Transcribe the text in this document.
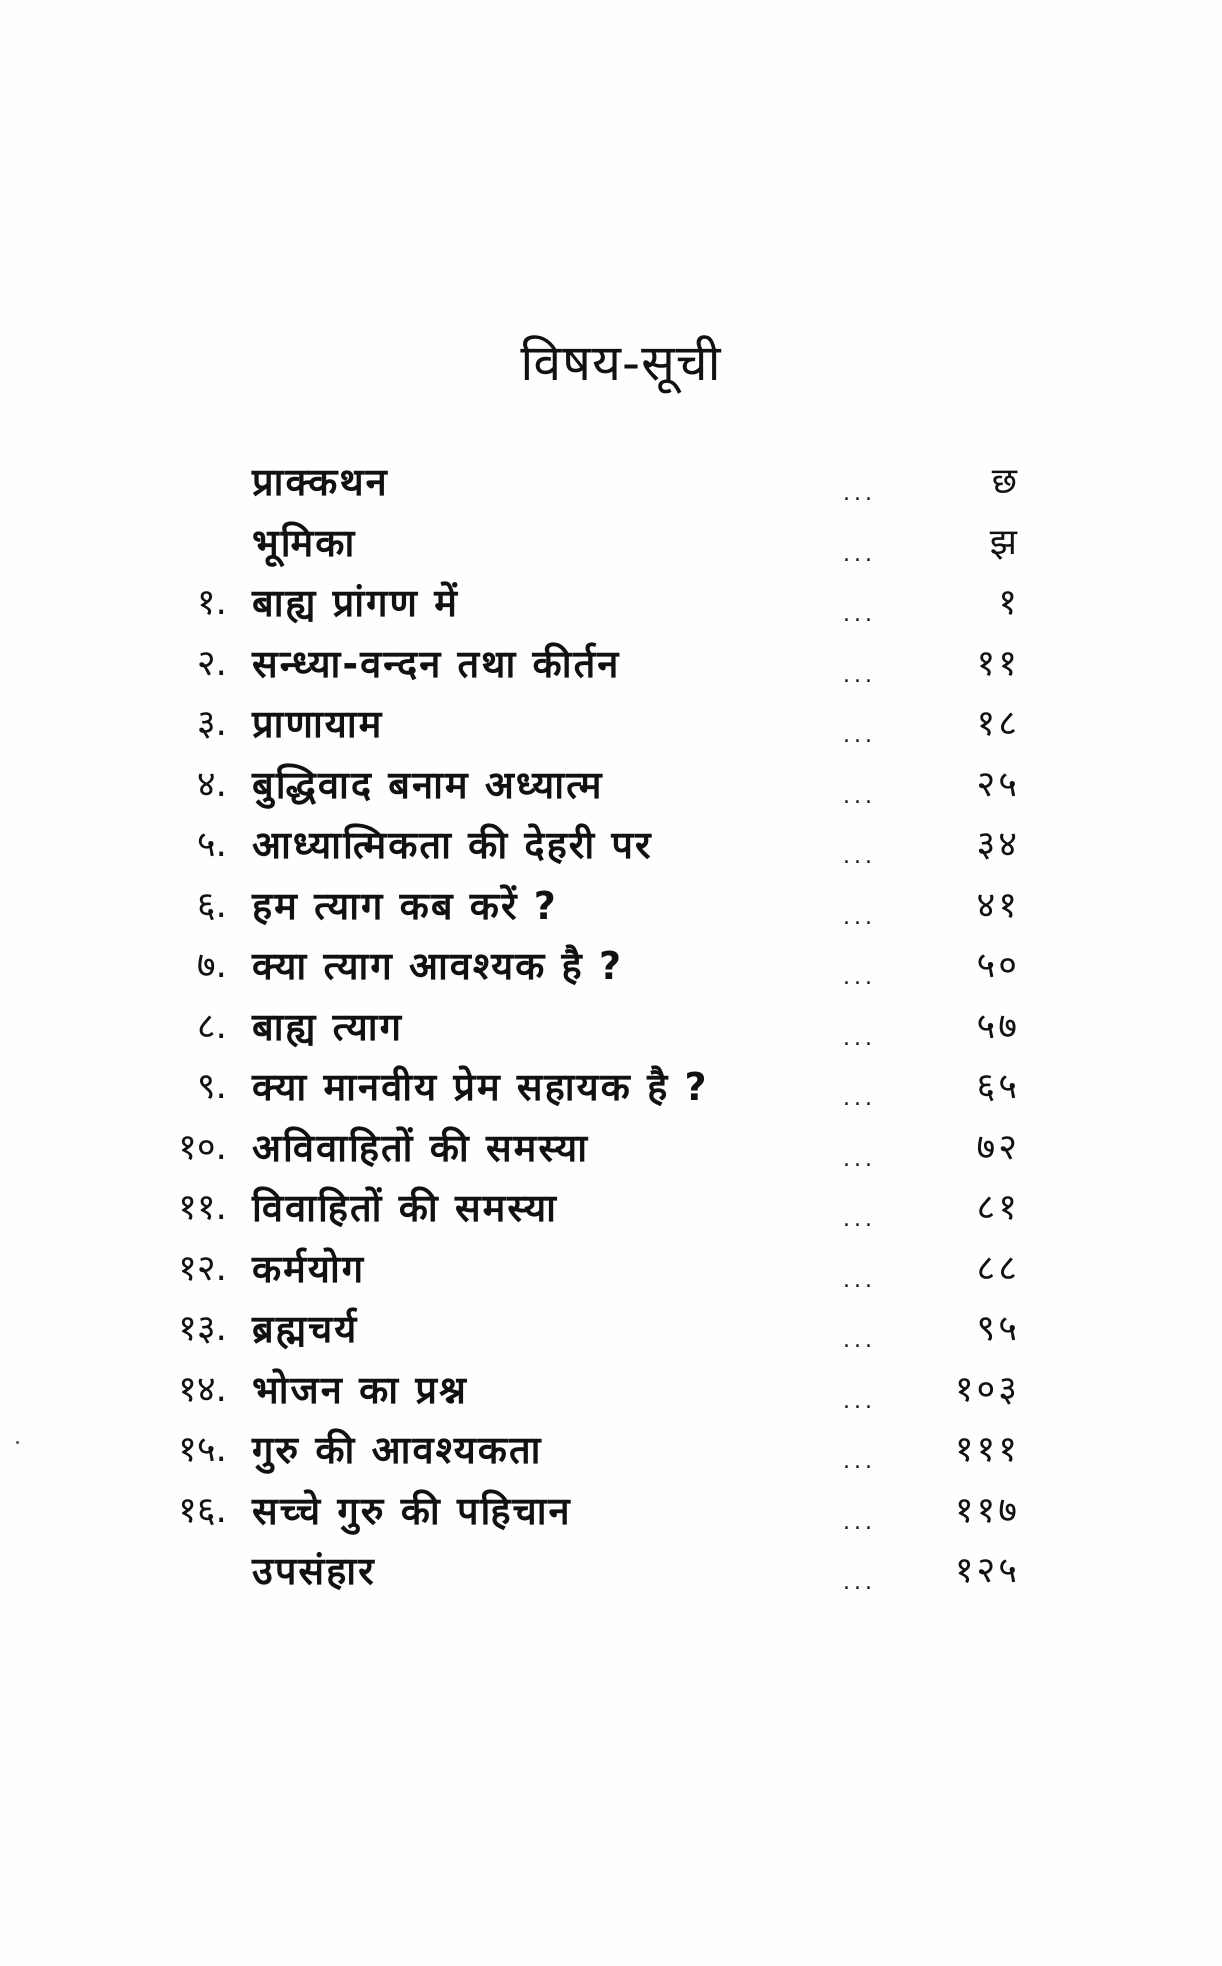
विषय-सूची
प्राक्कथन	...	छ
भूमिका	...	झ
१. बाह्य प्रांगण में	...	१
२. सन्ध्या-वन्दन तथा कीर्तन	...	११
३. प्राणायाम	...	१८
४. बुद्धिवाद बनाम अध्यात्म	...	२५
५. आध्यात्मिकता की देहरी पर	...	३४
६. हम त्याग कब करें ?	...	४१
७. क्या त्याग आवश्यक है ?	...	५०
८. बाह्य त्याग	...	५७
९. क्या मानवीय प्रेम सहायक है ?	...	६५
१०. अविवाहितों की समस्या	...	७२
११. विवाहितों की समस्या	...	८१
१२. कर्मयोग	...	८८
१३. ब्रह्मचर्य	...	९५
१४. भोजन का प्रश्न	... १०३
१५. गुरु की आवश्यकता	... १११
१६. सच्चे गुरु की पहिचान	... ११७
उपसंहार	... १२५
